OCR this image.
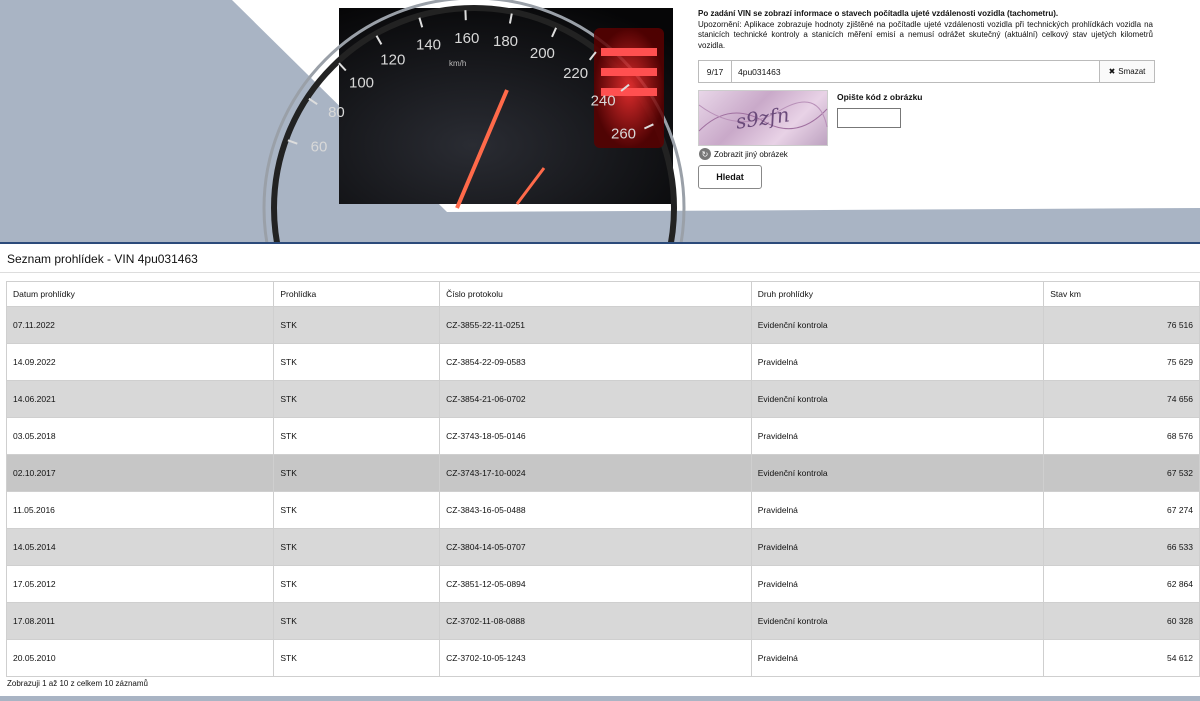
60
80
100
120
140 160 180
200
220
240
260
km/h
Po zadání VIN se zobrazí informace o stavech počítadla ujeté vzdálenosti vozidla (tachometru).
Upozornění: Aplikace zobrazuje hodnoty zjištěné na počítadle ujeté vzdálenosti vozidla při technických prohlídkách vozidla na stanicích technické kontroly a stanicích měření emisí a nemusí odrážet skutečný (aktuální) celkový stav ujetých kilometrů vozidla.
9/17	4pu031463	✖ Smazat
s9zfn
Opište kód z obrázku
↻ Zobrazit jiný obrázek
Hledat
Seznam prohlídek - VIN 4pu031463
Datum prohlídky	Prohlídka	Číslo protokolu	Druh prohlídky	Stav km
07.11.2022	STK	CZ-3855-22-11-0251	Evidenční kontrola	76 516
14.09.2022	STK	CZ-3854-22-09-0583	Pravidelná	75 629
14.06.2021	STK	CZ-3854-21-06-0702	Evidenční kontrola	74 656
03.05.2018	STK	CZ-3743-18-05-0146	Pravidelná	68 576
02.10.2017	STK	CZ-3743-17-10-0024	Evidenční kontrola	67 532
11.05.2016	STK	CZ-3843-16-05-0488	Pravidelná	67 274
14.05.2014	STK	CZ-3804-14-05-0707	Pravidelná	66 533
17.05.2012	STK	CZ-3851-12-05-0894	Pravidelná	62 864
17.08.2011	STK	CZ-3702-11-08-0888	Evidenční kontrola	60 328
20.05.2010	STK	CZ-3702-10-05-1243	Pravidelná	54 612
Zobrazuji 1 až 10 z celkem 10 záznamů
